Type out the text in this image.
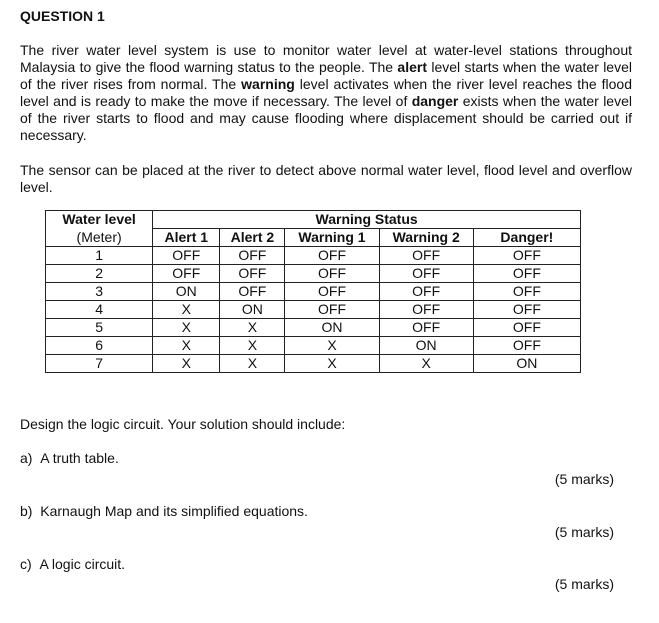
QUESTION 1
The river water level system is use to monitor water level at water-level stations throughout Malaysia to give the flood warning status to the people. The alert level starts when the water level of the river rises from normal. The warning level activates when the river level reaches the flood level and is ready to make the move if necessary. The level of danger exists when the water level of the river starts to flood and may cause flooding where displacement should be carried out if necessary.
The sensor can be placed at the river to detect above normal water level, flood level and overflow level.
Water level	Warning Status				
(Meter)	Alert 1	Alert 2	Warning 1	Warning 2	Danger!
1	OFF	OFF	OFF	OFF	OFF
2	OFF	OFF	OFF	OFF	OFF
3	ON	OFF	OFF	OFF	OFF
4	X	ON	OFF	OFF	OFF
5	X	X	ON	OFF	OFF
6	X	X	X	ON	OFF
7	X	X	X	X	ON
Design the logic circuit. Your solution should include:
a) A truth table.
(5 marks)
b) Karnaugh Map and its simplified equations.
(5 marks)
c) A logic circuit.
(5 marks)
